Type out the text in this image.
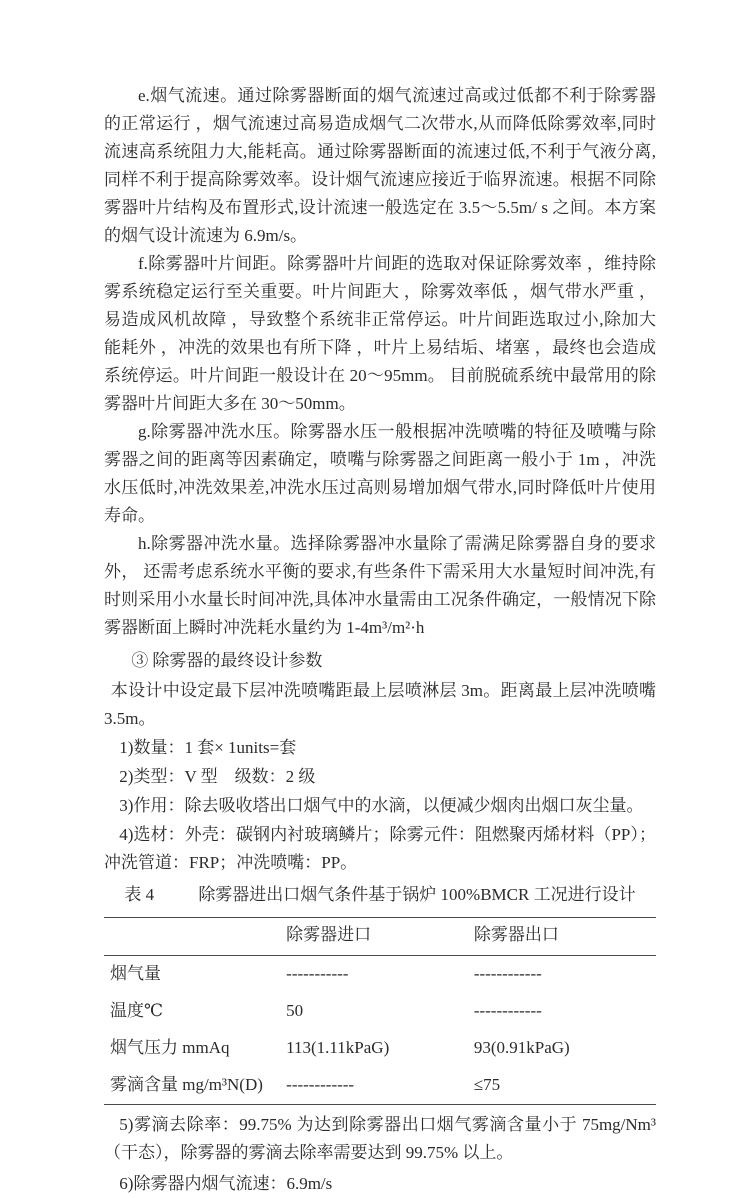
e.烟气流速。通过除雾器断面的烟气流速过高或过低都不利于除雾器的正常运行 ，烟气流速过高易造成烟气二次带水,从而降低除雾效率,同时流速高系统阻力大,能耗高。通过除雾器断面的流速过低,不利于气液分离,同样不利于提高除雾效率。设计烟气流速应接近于临界流速。根据不同除雾器叶片结构及布置形式,设计流速一般选定在 3.5～5.5m/ s 之间。本方案的烟气设计流速为 6.9m/s。

f.除雾器叶片间距。除雾器叶片间距的选取对保证除雾效率 ，维持除雾系统稳定运行至关重要。叶片间距大 ，除雾效率低 ，烟气带水严重 ，易造成风机故障 ，导致整个系统非正常停运。叶片间距选取过小,除加大能耗外 ，冲洗的效果也有所下降 ，叶片上易结垢、堵塞 ，最终也会造成系统停运。叶片间距一般设计在 20～95mm。 目前脱硫系统中最常用的除雾器叶片间距大多在 30～50mm。

g.除雾器冲洗水压。除雾器水压一般根据冲洗喷嘴的特征及喷嘴与除雾器之间的距离等因素确定，喷嘴与除雾器之间距离一般小于 1m ，冲洗水压低时,冲洗效果差,冲洗水压过高则易增加烟气带水,同时降低叶片使用寿命。

h.除雾器冲洗水量。选择除雾器冲水量除了需满足除雾器自身的要求外， 还需考虑系统水平衡的要求,有些条件下需采用大水量短时间冲洗,有时则采用小水量长时间冲洗,具体冲水量需由工况条件确定，一般情况下除雾器断面上瞬时冲洗耗水量约为 1-4m³/m²·h

③ 除雾器的最终设计参数

本设计中设定最下层冲洗喷嘴距最上层喷淋层 3m。距离最上层冲洗喷嘴 3.5m。

1)数量：1 套× 1units=套

2)类型：V 型　级数：2 级

3)作用：除去吸收塔出口烟气中的水滴，以便减少烟肉出烟口灰尘量。

4)选材：外壳：碳钢内衬玻璃鳞片；除雾元件：阻燃聚丙烯材料（PP）；冲洗管道：FRP；冲洗喷嘴：PP。

表 4	除雾器进出口烟气条件基于锅炉 100%BMCR 工况进行设计
	除雾器进口	除雾器出口
烟气量	-----------	------------
温度℃	50	------------
烟气压力 mmAq	113(1.11kPaG)	93(0.91kPaG)
雾滴含量 mg/m³N(D)	------------	≤75

5)雾滴去除率：99.75% 为达到除雾器出口烟气雾滴含量小于 75mg/Nm³（干态），除雾器的雾滴去除率需要达到 99.75% 以上。

6)除雾器内烟气流速：6.9m/s
